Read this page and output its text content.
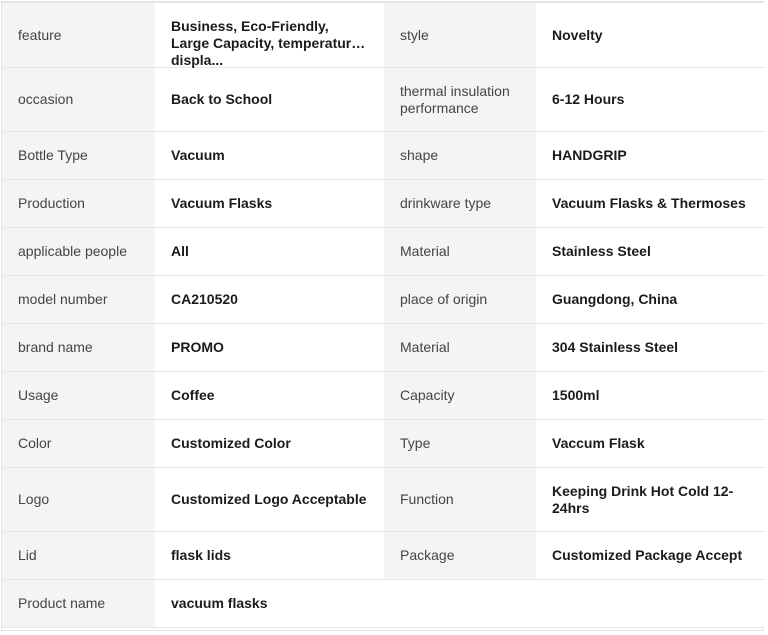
feature	Business, Eco-Friendly, Large Capacity, temperature displa...	style	Novelty
occasion	Back to School	thermal insulation performance	6-12 Hours
Bottle Type	Vacuum	shape	HANDGRIP
Production	Vacuum Flasks	drinkware type	Vacuum Flasks & Thermoses
applicable people	All	Material	Stainless Steel
model number	CA210520	place of origin	Guangdong, China
brand name	PROMO	Material	304 Stainless Steel
Usage	Coffee	Capacity	1500ml
Color	Customized Color	Type	Vaccum Flask
Logo	Customized Logo Acceptable	Function	Keeping Drink Hot Cold 12-24hrs

Lid	flask lids	Package	Customized Package Accept
Product name	vacuum flasks		
